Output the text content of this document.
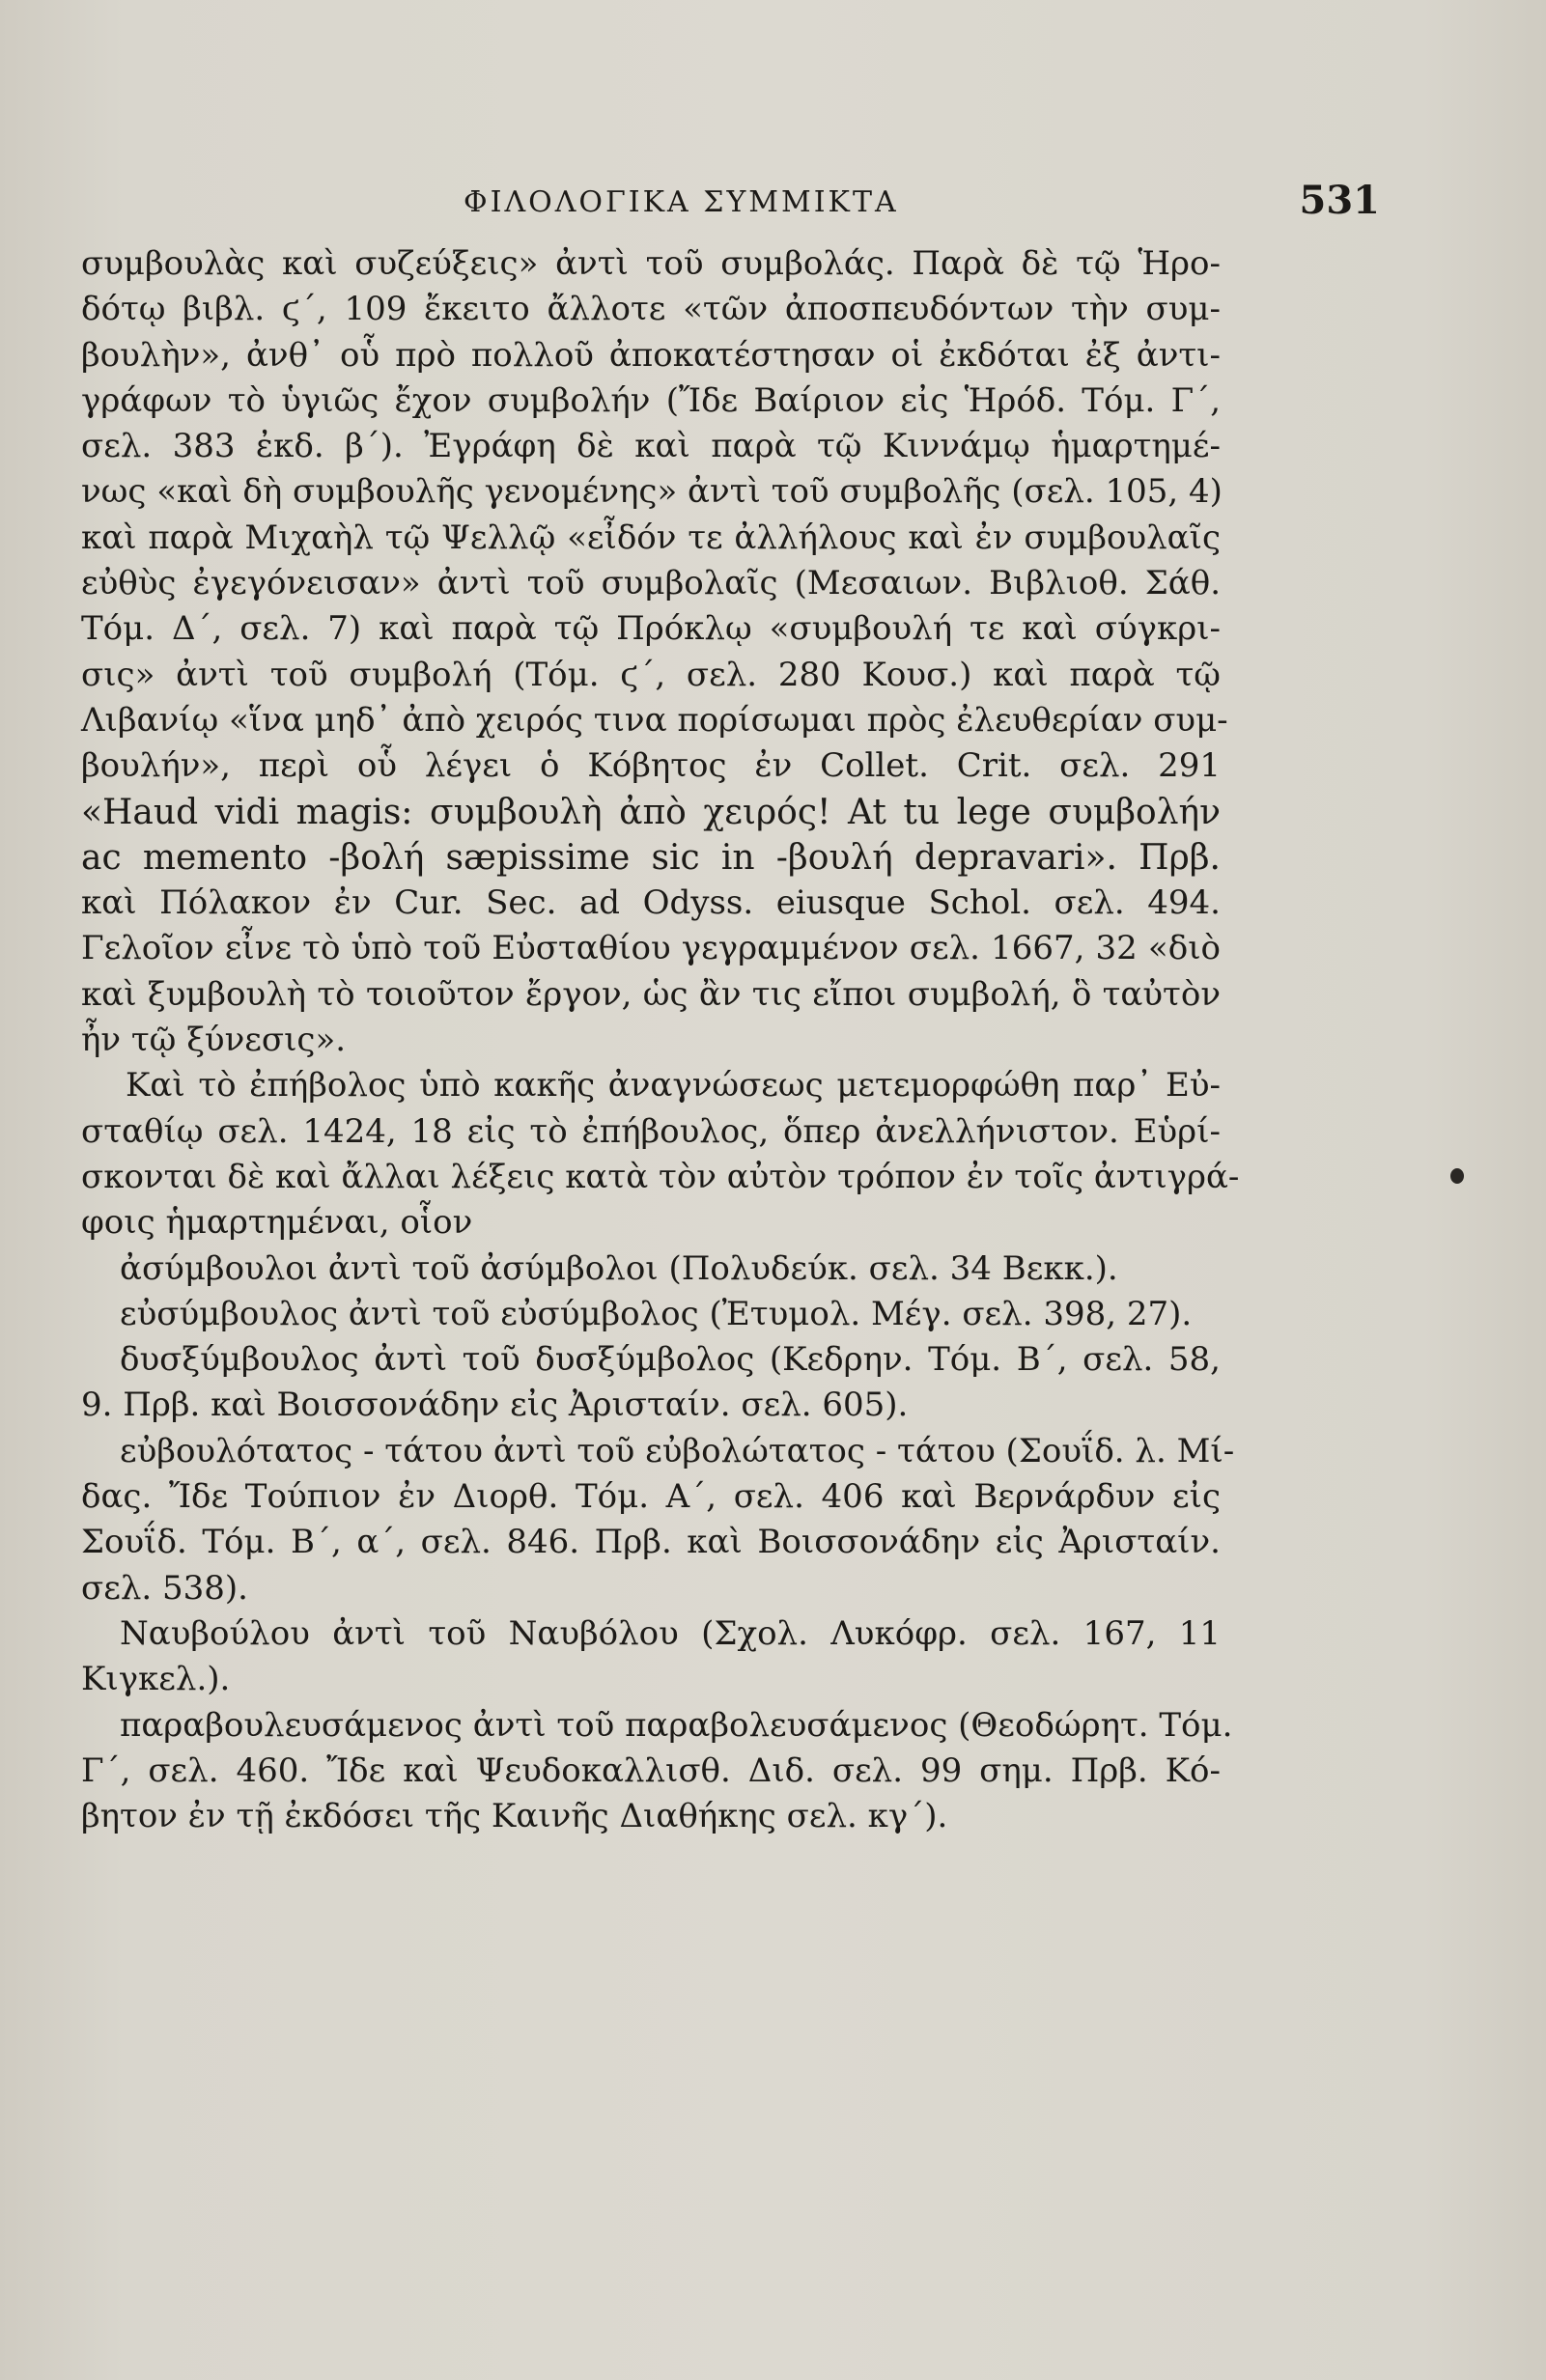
ΦΙΛΟΛΟΓΙΚΑ ΣΥΜΜΙΚΤΑ	531
συμβουλὰς καὶ συζεύξεις» ἀντὶ τοῦ συμβολάς. Παρὰ δὲ τῷ Ἡρο-
δότῳ βιβλ. ϛ΄, 109 ἔκειτο ἄλλοτε «τῶν ἀποσπευδόντων τὴν συμ-
βουλὴν», ἀνθ᾽ οὗ πρὸ πολλοῦ ἀποκατέστησαν οἱ ἐκδόται ἐξ ἀντι-
γράφων τὸ ὑγιῶς ἔχον συμβολήν (Ἴδε Βαίριον εἰς Ἡρόδ. Τόμ. Γ΄,
σελ. 383 ἐκδ. β΄). Ἐγράφη δὲ καὶ παρὰ τῷ Κιννάμῳ ἡμαρτημέ-
νως «καὶ δὴ συμβουλῆς γενομένης» ἀντὶ τοῦ συμβολῆς (σελ. 105, 4)
καὶ παρὰ Μιχαὴλ τῷ Ψελλῷ «εἶδόν τε ἀλλήλους καὶ ἐν συμβουλαῖς
εὐθὺς ἐγεγόνεισαν» ἀντὶ τοῦ συμβολαῖς (Μεσαιων. Βιβλιοθ. Σάθ.
Τόμ. Δ΄, σελ. 7) καὶ παρὰ τῷ Πρόκλῳ «συμβουλή τε καὶ σύγκρι-
σις» ἀντὶ τοῦ συμβολή (Τόμ. ϛ΄, σελ. 280 Κουσ.) καὶ παρὰ τῷ
Λιβανίῳ «ἵνα μηδ᾽ ἀπὸ χειρός τινα πορίσωμαι πρὸς ἐλευθερίαν συμ-
βουλήν», περὶ οὗ λέγει ὁ Κόβητος ἐν Collet. Crit. σελ. 291
«Haud vidi magis: συμβουλὴ ἀπὸ χειρός! At tu lege συμβολήν
ac memento -βολή sæpissime sic in -βουλή depravari». Πρβ.
καὶ Πόλακον ἐν Cur. Sec. ad Odyss. eiusque Schol. σελ. 494.
Γελοῖον εἶνε τὸ ὑπὸ τοῦ Εὐσταθίου γεγραμμένον σελ. 1667, 32 «διὸ
καὶ ξυμβουλὴ τὸ τοιοῦτον ἔργον, ὡς ἂν τις εἴποι συμβολή, ὃ ταὐτὸν
ἦν τῷ ξύνεσις».
Καὶ τὸ ἐπήβολος ὑπὸ κακῆς ἀναγνώσεως μετεμορφώθη παρ᾽ Εὐ-
σταθίῳ σελ. 1424, 18 εἰς τὸ ἐπήβουλος, ὅπερ ἀνελλήνιστον. Εὑρί-
σκονται δὲ καὶ ἄλλαι λέξεις κατὰ τὸν αὐτὸν τρόπον ἐν τοῖς ἀντιγρά-
φοις ἡμαρτημέναι, οἷον
ἀσύμβουλοι ἀντὶ τοῦ ἀσύμβολοι (Πολυδεύκ. σελ. 34 Βεκκ.).
εὐσύμβουλος ἀντὶ τοῦ εὐσύμβολος (Ἐτυμολ. Μέγ. σελ. 398, 27).
δυσξύμβουλος ἀντὶ τοῦ δυσξύμβολος (Κεδρην. Τόμ. Β΄, σελ. 58,
9. Πρβ. καὶ Βοισσονάδην εἰς Ἀρισταίν. σελ. 605).
εὐβουλότατος - τάτου ἀντὶ τοῦ εὐβολώτατος - τάτου (Σουΐδ. λ. Μί-
δας. Ἴδε Τούπιον ἐν Διορθ. Τόμ. Α΄, σελ. 406 καὶ Βερνάρδυν εἰς
Σουΐδ. Τόμ. Β΄, α΄, σελ. 846. Πρβ. καὶ Βοισσονάδην εἰς Ἀρισταίν.
σελ. 538).
Ναυβούλου ἀντὶ τοῦ Ναυβόλου (Σχολ. Λυκόφρ. σελ. 167, 11
Κιγκελ.).
παραβουλευσάμενος ἀντὶ τοῦ παραβολευσάμενος (Θεοδώρητ. Τόμ.
Γ΄, σελ. 460. Ἴδε καὶ Ψευδοκαλλισθ. Διδ. σελ. 99 σημ. Πρβ. Κό-
βητον ἐν τῇ ἐκδόσει τῆς Καινῆς Διαθήκης σελ. κγ΄).
